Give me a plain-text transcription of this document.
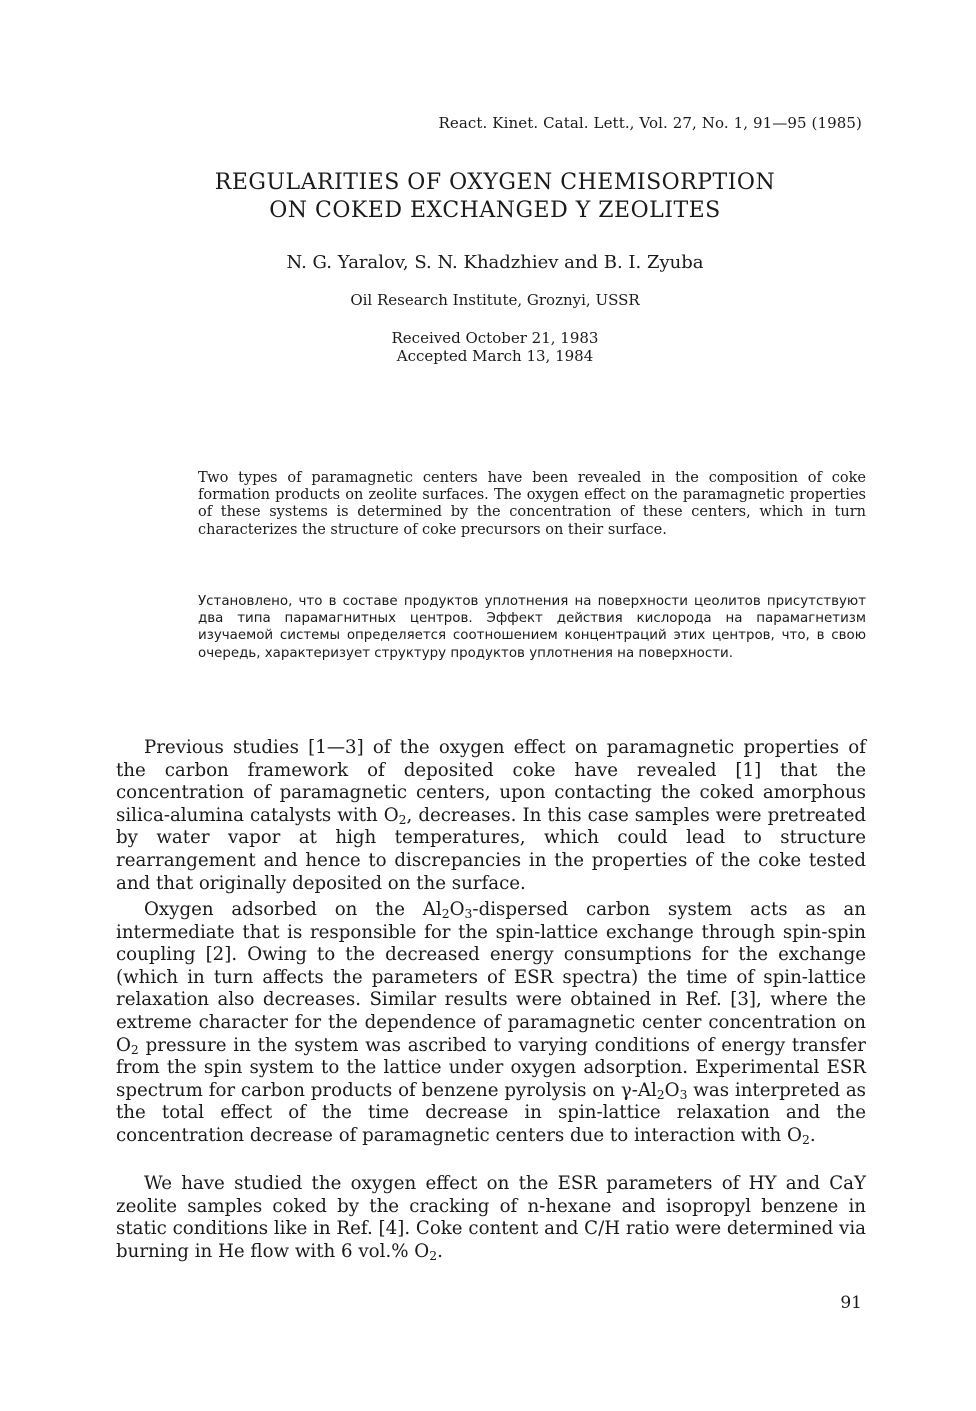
React. Kinet. Catal. Lett., Vol. 27, No. 1, 91—95 (1985)
REGULARITIES OF OXYGEN CHEMISORPTION
ON COKED EXCHANGED Y ZEOLITES
N. G. Yaralov, S. N. Khadzhiev and B. I. Zyuba
Oil Research Institute, Groznyi, USSR
Received October 21, 1983
Accepted March 13, 1984
Two types of paramagnetic centers have been revealed in the composition of coke formation products on zeolite surfaces. The oxygen effect on the paramagnetic properties of these systems is determined by the concentration of these centers, which in turn characterizes the structure of coke precursors on their surface.
Установлено, что в составе продуктов уплотнения на поверхности цеолитов присутствуют два типа парамагнитных центров. Эффект действия кислорода на парамагнетизм изучаемой системы определяется соотношением концентраций этих центров, что, в свою очередь, характеризует структуру продуктов уплотнения на поверхности.

Previous studies [1—3] of the oxygen effect on paramagnetic properties of the carbon framework of deposited coke have revealed [1] that the concentration of paramagnetic centers, upon contacting the coked amorphous silica-alumina catalysts with $O_2$, decreases. In this case samples were pretreated by water vapor at high temperatures, which could lead to structure rearrangement and hence to discrepancies in the properties of the coke tested and that originally deposited on the surface.

Oxygen adsorbed on the $Al_2O_3$-dispersed carbon system acts as an intermediate that is responsible for the spin-lattice exchange through spin-spin coupling [2]. Owing to the decreased energy consumptions for the exchange (which in turn affects the parameters of ESR spectra) the time of spin-lattice relaxation also decreases. Similar results were obtained in Ref. [3], where the extreme character for the dependence of paramagnetic center concentration on $O_2$ pressure in the system was ascribed to varying conditions of energy transfer from the spin system to the lattice under oxygen adsorption. Experimental ESR spectrum for carbon products of benzene pyrolysis on $\gamma-Al_2O_3$ was interpreted as the total effect of the time decrease in spin-lattice relaxation and the concentration decrease of paramagnetic centers due to interaction with $O_2$.

We have studied the oxygen effect on the ESR parameters of HY and CaY zeolite samples coked by the cracking of n-hexane and isopropyl benzene in static conditions like in Ref. [4]. Coke content and C/H ratio were determined via burning in He flow with 6 vol.% $O_2$.

91
